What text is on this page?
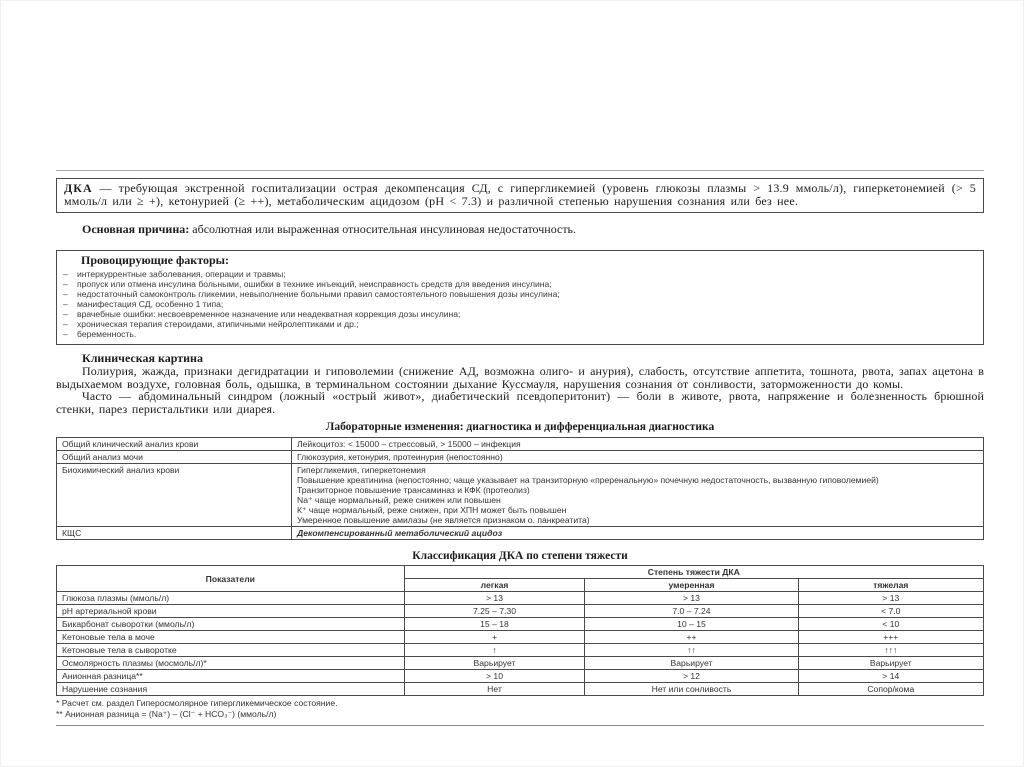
ДКА — требующая экстренной госпитализации острая декомпенсация СД, с гипергликемией (уровень глюкозы плазмы > 13.9 ммоль/л), гиперкетонемией (> 5 ммоль/л или ≥ +), кетонурией (≥ ++), метаболическим ацидозом (pH < 7.3) и различной степенью нарушения сознания или без нее.

Основная причина: абсолютная или выраженная относительная инсулиновая недостаточность.

Провоцирующие факторы:

–	интеркуррентные заболевания, операции и травмы;
–	пропуск или отмена инсулина больными, ошибки в технике инъекций, неисправность средств для введения инсулина;
–	недостаточный самоконтроль гликемии, невыполнение больными правил самостоятельного повышения дозы инсулина;
–	манифестация СД, особенно 1 типа;
–	врачебные ошибки: несвоевременное назначение или неадекватная коррекция дозы инсулина;
–	хроническая терапия стероидами, атипичными нейролептиками и др.;
–	беременность.

Клиническая картина

Полиурия, жажда, признаки дегидратации и гиповолемии (снижение АД, возможна олиго- и анурия), слабость, отсутствие аппетита, тошнота, рвота, запах ацетона в выдыхаемом воздухе, головная боль, одышка, в терминальном состоянии дыхание Куссмауля, нарушения сознания от сонливости, заторможенности до комы.

Часто — абдоминальный синдром (ложный «острый живот», диабетический псевдоперитонит) — боли в животе, рвота, напряжение и болезненность брюшной стенки, парез перистальтики или диарея.

Лабораторные изменения: диагностика и дифференциальная диагностика

Общий клинический анализ крови	Лейкоцитоз: < 15000 – стрессовый, > 15000 – инфекция
Общий анализ мочи	Глюкозурия, кетонурия, протеинурия (непостоянно)
Биохимический анализ крови	Гипергликемия, гиперкетонемия
Повышение креатинина (непостоянно; чаще указывает на транзиторную «преренальную» почечную недостаточность, вызванную гиповолемией)
Транзиторное повышение трансаминаз и КФК (протеолиз)
Na⁺ чаще нормальный, реже снижен или повышен
К⁺ чаще нормальный, реже снижен, при ХПН может быть повышен
Умеренное повышение амилазы (не является признаком о. панкреатита)

КЩС	Декомпенсированный метаболический ацидоз

Классификация ДКА по степени тяжести

Показатели	Степень тяжести ДКА		
	легкая	умеренная	тяжелая
Глюкоза плазмы (ммоль/л)	> 13	> 13	> 13
pH артериальной крови	7.25 – 7.30	7.0 – 7.24	< 7.0
Бикарбонат сыворотки (ммоль/л)	15 – 18	10 – 15	< 10
Кетоновые тела в моче	+	++	+++
Кетоновые тела в сыворотке	↑	↑↑	↑↑↑
Осмолярность плазмы (мосмоль/л)*	Варьирует	Варьирует	Варьирует
Анионная разница**	> 10	> 12	> 14
Нарушение сознания	Нет	Нет или сонливость	Сопор/кома
* Расчет см. раздел Гиперосмолярное гипергликемическое состояние.
** Анионная разница = (Na⁺) – (Cl⁻ + HCO₃⁻) (ммоль/л)
